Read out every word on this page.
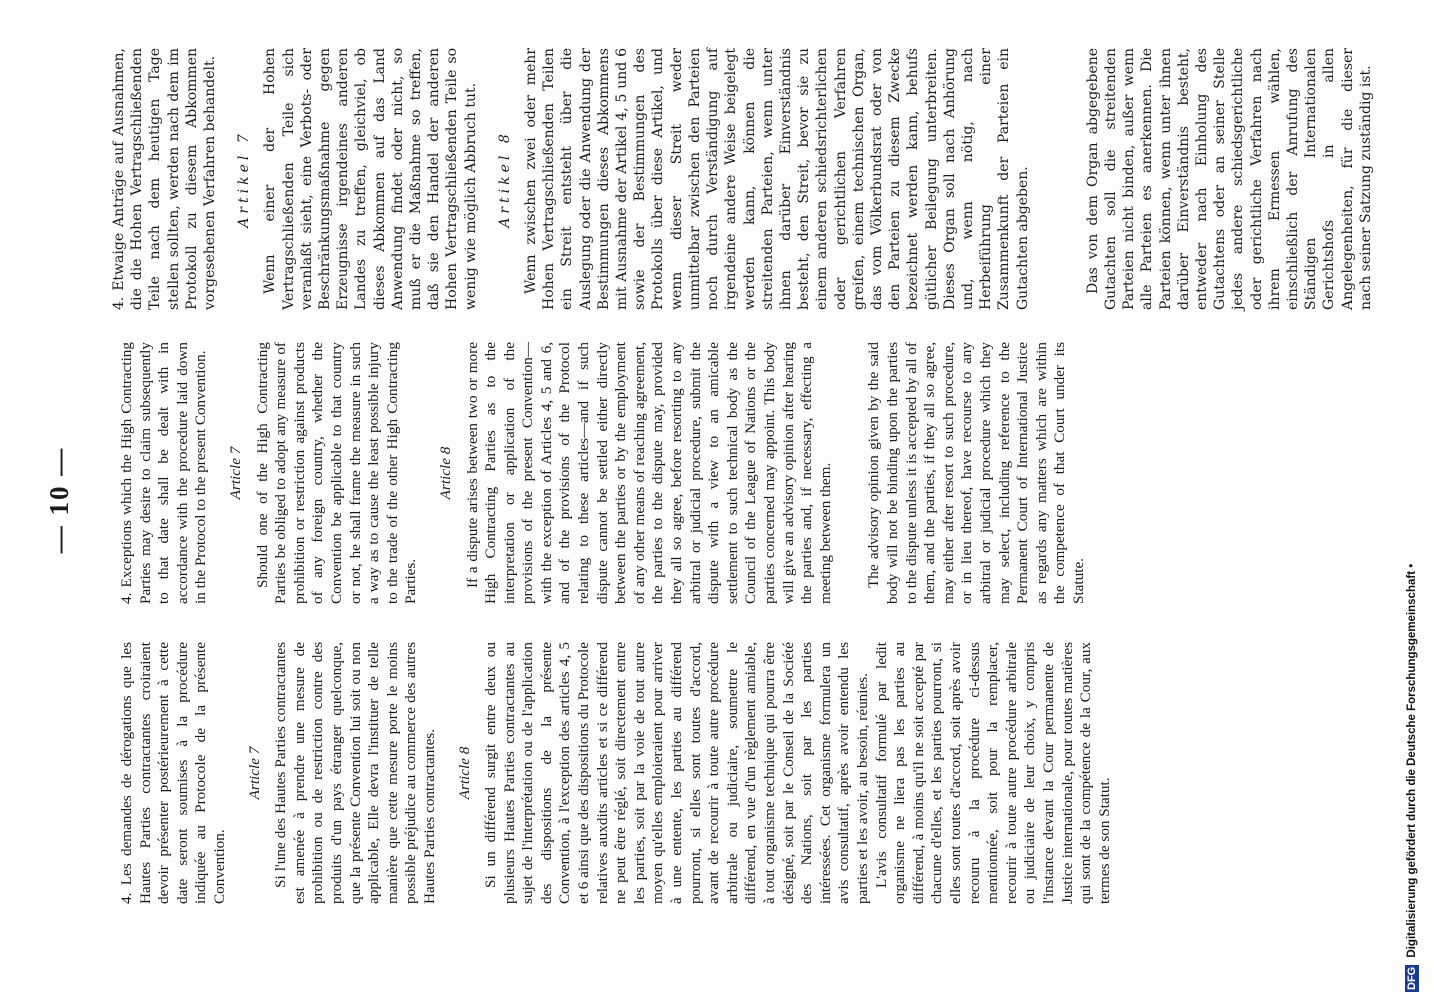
— 10 —

4. Les demandes de dérogations que les Hautes Parties contractantes croiraient devoir présenter postérieurement à cette date seront soumises à la procédure indiquée au Protocole de la présente Convention.

Article 7 Si l'une des Hautes Parties contractantes est amenée à prendre une mesure de prohibition ou de restriction contre des produits d'un pays étranger quelconque, que la présente Convention lui soit ou non applicable, Elle devra l'instituer de telle manière que cette mesure porte le moins possible préjudice au commerce des autres Hautes Parties contractantes. Article 8 Si un différend surgit entre deux ou plusieurs Hautes Parties contractantes au sujet de l'interprétation ou de l'application des dispositions de la présente Convention, à l'exception des articles 4, 5 et 6 ainsi que des dispositions du Protocole relatives auxdits articles et si ce différend ne peut être réglé, soit directement entre les parties, soit par la voie de tout autre moyen qu'elles emploieraient pour arriver à une entente, les parties au différend pourront, si elles sont toutes d'accord, avant de recourir à toute autre procédure arbitrale ou judiciaire, soumettre le différend, en vue d'un règlement amiable, à tout organisme technique qui pourra être désigné, soit par le Conseil de la Société des Nations, soit par les parties intéressées. Cet organisme formulera un avis consultatif, après avoir entendu les parties et les avoir, au besoin, réunies. L'avis consultatif formulé par ledit organisme ne liera pas les parties au différend, à moins qu'il ne soit accepté par chacune d'elles, et les parties pourront, si elles sont toutes d'accord, soit après avoir recouru à la procédure ci-dessus mentionnée, soit pour la remplacer, recourir à toute autre procédure arbitrale ou judiciaire de leur choix, y compris l'instance devant la Cour permanente de Justice internationale, pour toutes matières qui sont de la compétence de la Cour, aux termes de son Statut.

4. Exceptions which the High Contracting Parties may desire to claim subsequently to that date shall be dealt with in accordance with the procedure laid down in the Protocol to the present Convention. Article 7 Should one of the High Contracting Parties be obliged to adopt any measure of prohibition or restriction against products of any foreign country, whether the Convention be applicable to that country or not, he shall frame the measure in such a way as to cause the least possible injury to the trade of the other High Contracting Parties.

Article 8 If a dispute arises between two or more High Contracting Parties as to the interpretation or application of the provisions of the present Convention—with the exception of Articles 4, 5 and 6, and of the provisions of the Protocol relating to these articles—and if such dispute cannot be settled either directly between the parties or by the employment of any other means of reaching agreement, the parties to the dispute may, provided they all so agree, before resorting to any arbitral or judicial procedure, submit the dispute with a view to an amicable settlement to such technical body as the Council of the League of Nations or the parties concerned may appoint. This body will give an advisory opinion after hearing the parties and, if necessary, effecting a meeting between them. The advisory opinion given by the said body will not be binding upon the parties to the dispute unless it is accepted by all of them, and the parties, if they all so agree, may either after resort to such procedure, or in lieu thereof, have recourse to any arbitral or judicial procedure which they may select, including reference to the Permanent Court of International Justice as regards any matters which are within the competence of that Court under its Statute.

4. Etwaige Anträge auf Ausnahmen, die die Hohen Vertragschließenden Teile nach dem heutigen Tage stellen sollten, werden nach dem im Protokoll zu diesem Abkommen vorgesehenen Verfahren behandelt. Artikel 7 Wenn einer der Hohen Vertragschließenden Teile sich veranlaßt sieht, eine Verbots- oder Beschränkungsmaßnahme gegen Erzeugnisse irgendeines anderen Landes zu treffen, gleichviel, ob dieses Abkommen auf das Land Anwendung findet oder nicht, so muß er die Maßnahme so treffen, daß sie den Handel der anderen Hohen Vertragschließenden Teile so wenig wie möglich Abbruch tut. Artikel 8 Wenn zwischen zwei oder mehr Hohen Vertragschließenden Teilen ein Streit entsteht über die Auslegung oder die Anwendung der Bestimmungen dieses Abkommens mit Ausnahme der Artikel 4, 5 und 6 sowie der Bestimmungen des Protokolls über diese Artikel, und wenn dieser Streit weder unmittelbar zwischen den Parteien noch durch Verständigung auf irgendeine andere Weise beigelegt werden kann, können die streitenden Parteien, wenn unter ihnen darüber Einverständnis besteht, den Streit, bevor sie zu einem anderen schiedsrichterlichen oder gerichtlichen Verfahren greifen, einem technischen Organ, das vom Völkerbundsrat oder von den Parteien zu diesem Zwecke bezeichnet werden kann, behufs gütlicher Beilegung unterbreiten. Dieses Organ soll nach Anhörung und, wenn nötig, nach Herbeiführung einer Zusammenkunft der Parteien ein Gutachten abgeben.	Das von dem Organ abgegebene Gutachten soll die streitenden Parteien nicht binden, außer wenn alle Parteien es anerkennen. Die Parteien können, wenn unter ihnen darüber Einverständnis besteht, entweder nach Einholung des Gutachtens oder an seiner Stelle jedes andere schiedsgerichtliche oder gerichtliche Verfahren nach ihrem Ermessen wählen, einschließlich der Anrufung des Ständigen Internationalen Gerichtshofs in allen Angelegenheiten, für die dieser nach seiner Satzung zuständig ist.

DFG Digitalisierung gefördert durch die Deutsche Forschungsgemeinschaft •
